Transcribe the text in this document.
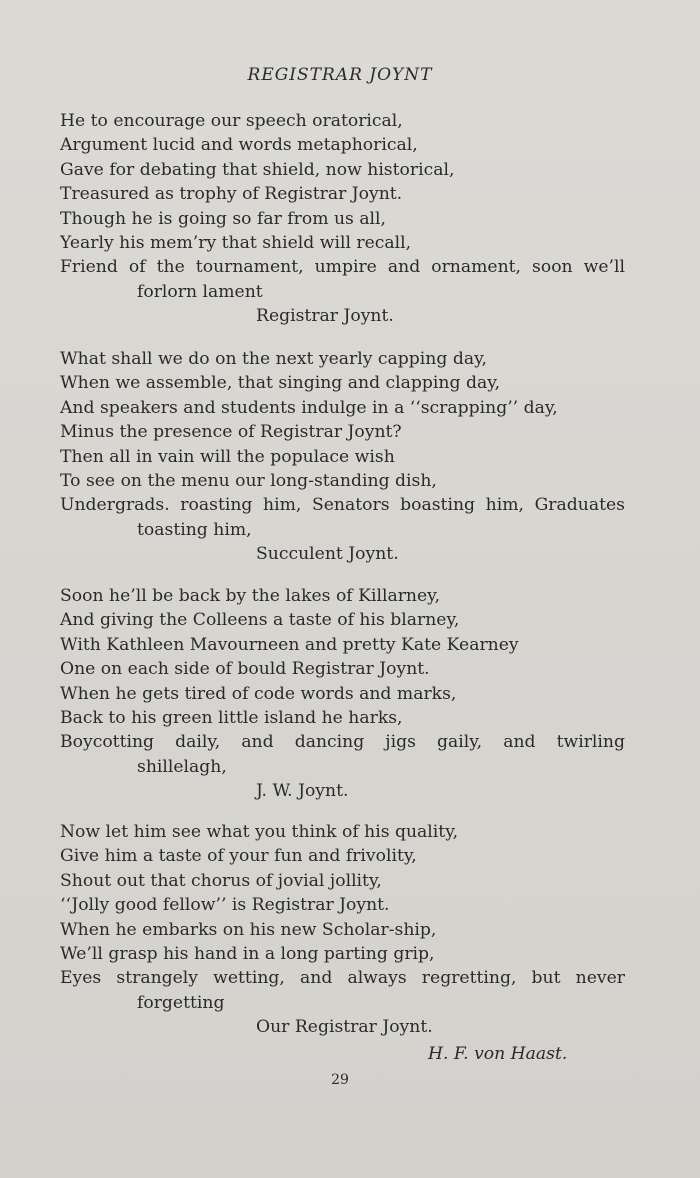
REGISTRAR JOYNT
He to encourage our speech oratorical,
Argument lucid and words metaphorical,
Gave for debating that shield, now historical,
Treasured as trophy of Registrar Joynt.
Though he is going so far from us all,
Yearly his mem’ry that shield will recall,
Friend of the tournament, umpire and ornament, soon we’ll
forlorn lament
Registrar Joynt.
What shall we do on the next yearly capping day,
When we assemble, that singing and clapping day,
And speakers and students indulge in a ‘‘scrapping’’ day,
Minus the presence of Registrar Joynt?
Then all in vain will the populace wish
To see on the menu our long-standing dish,
Undergrads. roasting him, Senators boasting him, Graduates
toasting him,
Succulent Joynt.
Soon he’ll be back by the lakes of Killarney,
And giving the Colleens a taste of his blarney,
With Kathleen Mavourneen and pretty Kate Kearney
One on each side of bould Registrar Joynt.
When he gets tired of code words and marks,
Back to his green little island he harks,
Boycotting daily, and dancing jigs gaily, and twirling
shillelagh,
J. W. Joynt.
Now let him see what you think of his quality,
Give him a taste of your fun and frivolity,
Shout out that chorus of jovial jollity,
‘‘Jolly good fellow’’ is Registrar Joynt.
When he embarks on his new Scholar-ship,
We’ll grasp his hand in a long parting grip,
Eyes strangely wetting, and always regretting, but never
forgetting
Our Registrar Joynt.
H. F. von Haast.
29
